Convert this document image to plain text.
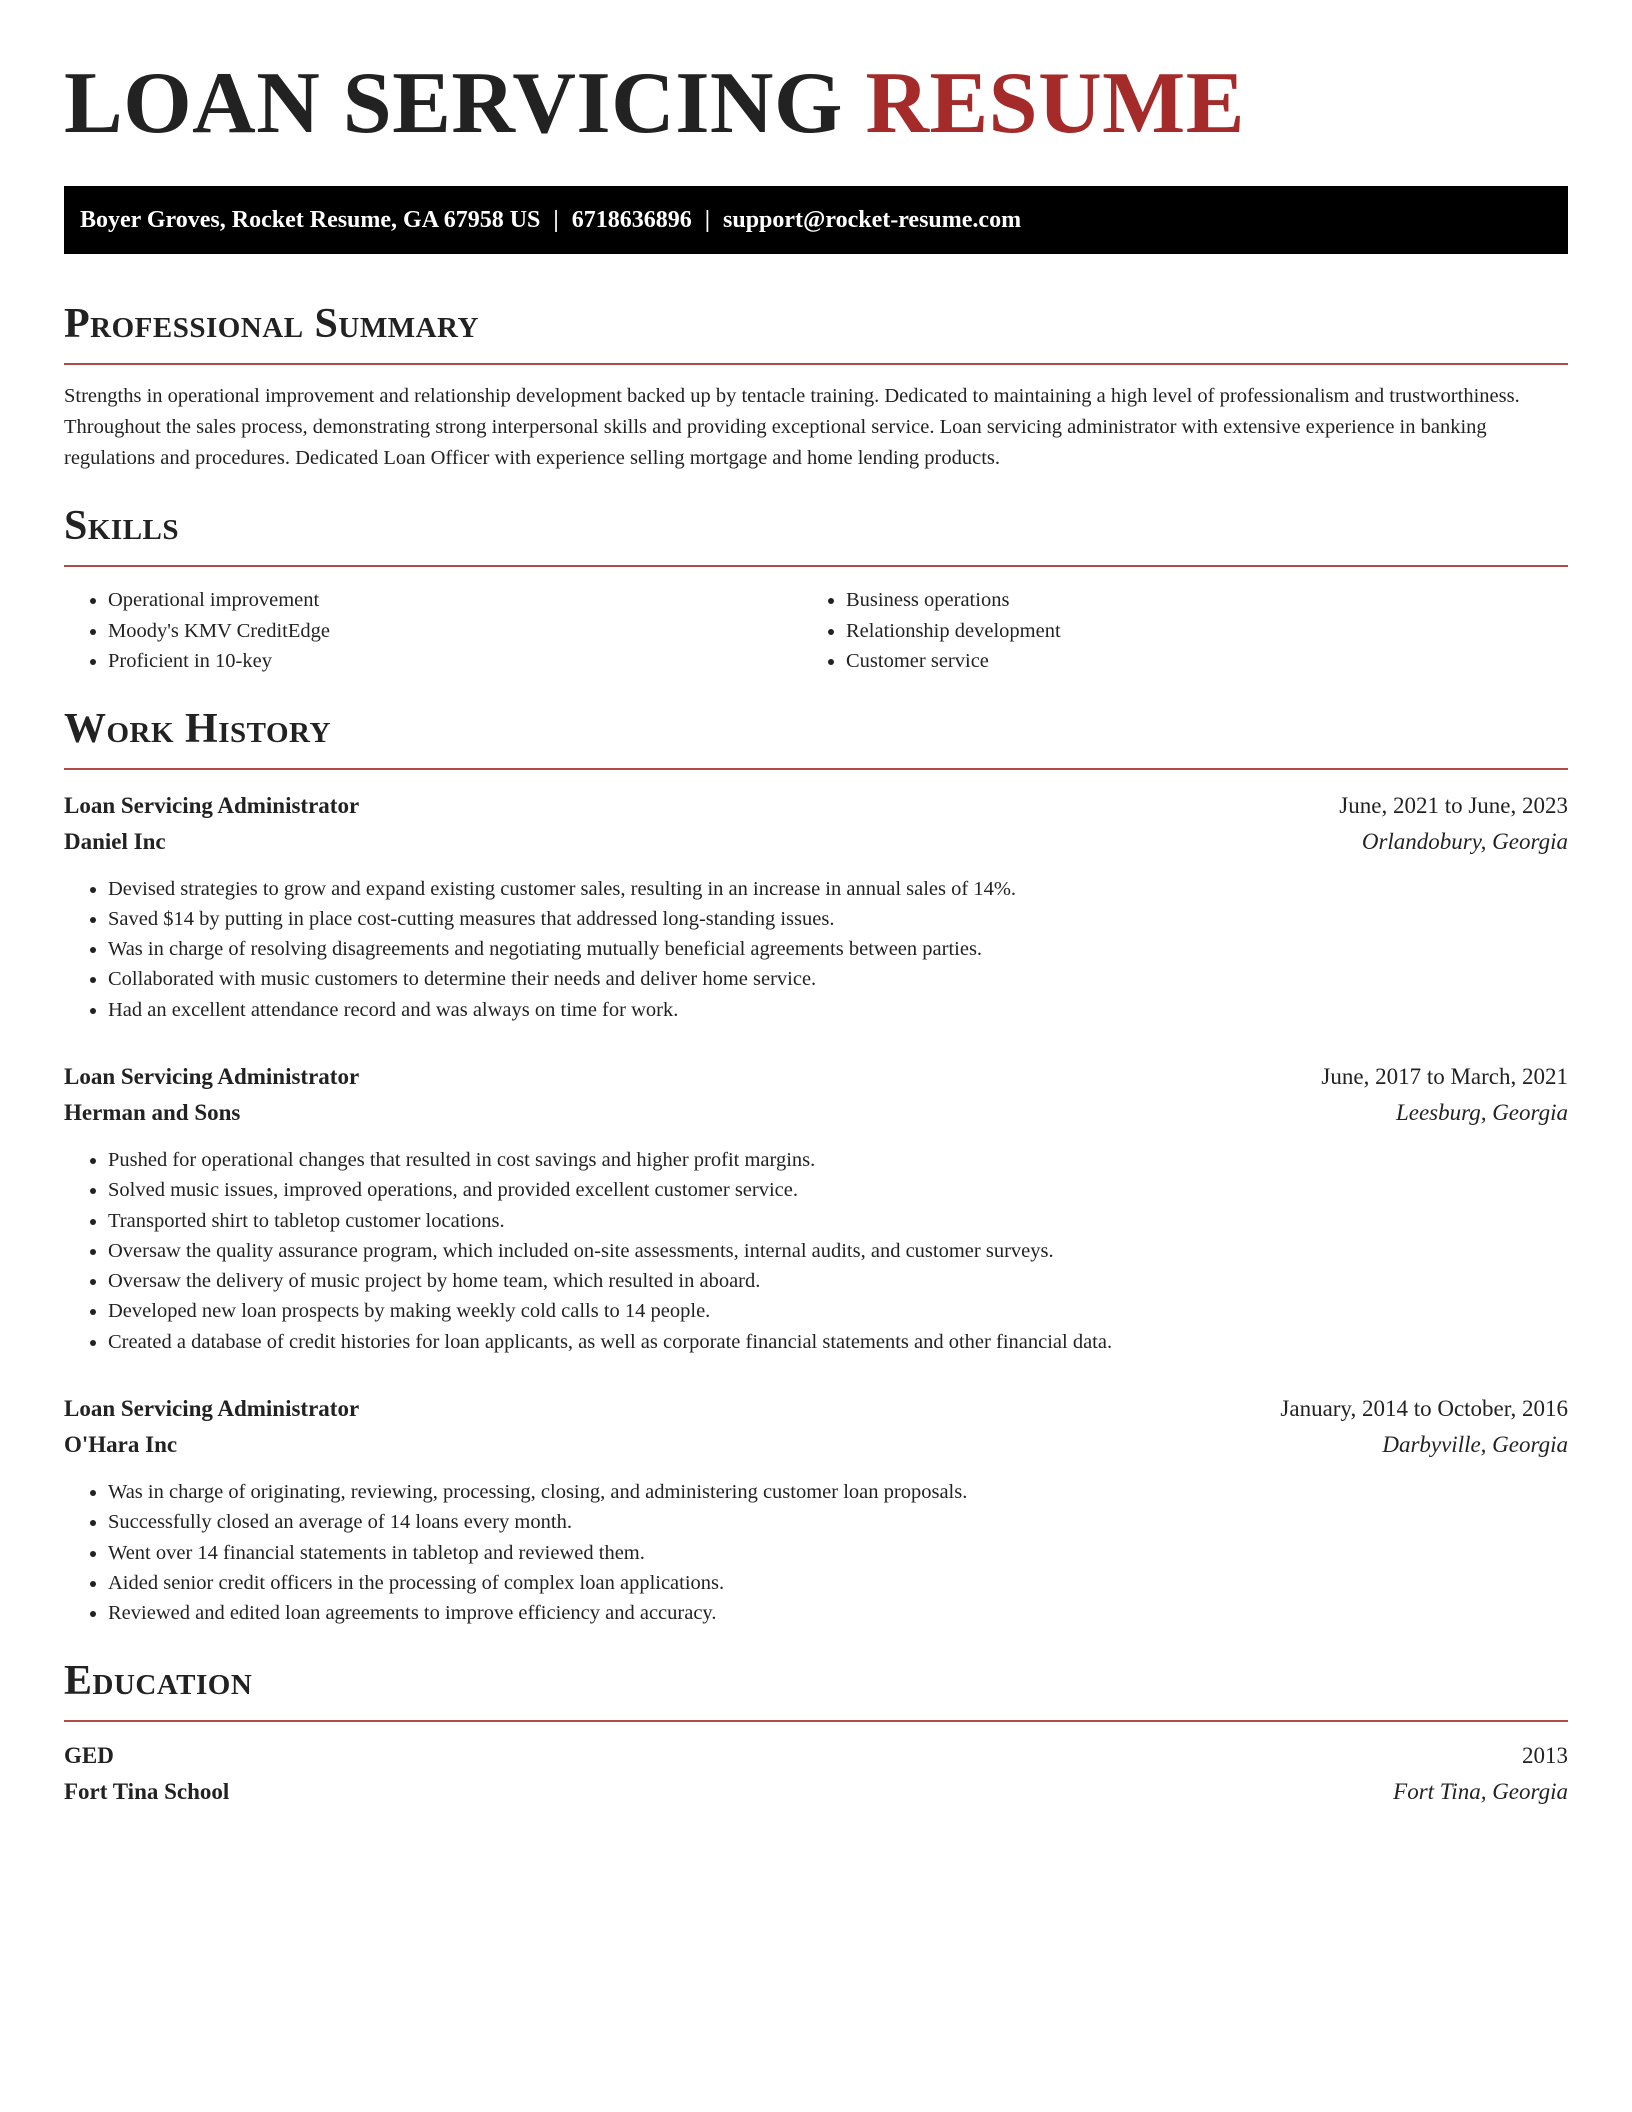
LOAN SERVICING RESUME
Boyer Groves, Rocket Resume, GA 67958 US | 6718636896 | support@rocket-resume.com
Professional Summary

Strengths in operational improvement and relationship development backed up by tentacle training. Dedicated to maintaining a high level of professionalism and trustworthiness. Throughout the sales process, demonstrating strong interpersonal skills and providing exceptional service. Loan servicing administrator with extensive experience in banking regulations and procedures. Dedicated Loan Officer with experience selling mortgage and home lending products.

Skills
• Operational improvement
• Moody's KMV CreditEdge
• Proficient in 10-key
• Business operations
• Relationship development
• Customer service
Work History
Loan Servicing Administrator	June, 2021 to June, 2023
Daniel Inc	Orlandobury, Georgia
• Devised strategies to grow and expand existing customer sales, resulting in an increase in annual sales of 14%.
• Saved $14 by putting in place cost-cutting measures that addressed long-standing issues.
• Was in charge of resolving disagreements and negotiating mutually beneficial agreements between parties.
• Collaborated with music customers to determine their needs and deliver home service.
• Had an excellent attendance record and was always on time for work.
Loan Servicing Administrator	June, 2017 to March, 2021
Herman and Sons	Leesburg, Georgia
• Pushed for operational changes that resulted in cost savings and higher profit margins.
• Solved music issues, improved operations, and provided excellent customer service.
• Transported shirt to tabletop customer locations.
• Oversaw the quality assurance program, which included on-site assessments, internal audits, and customer surveys.
• Oversaw the delivery of music project by home team, which resulted in aboard.
• Developed new loan prospects by making weekly cold calls to 14 people.
• Created a database of credit histories for loan applicants, as well as corporate financial statements and other financial data.
Loan Servicing Administrator	January, 2014 to October, 2016
O'Hara Inc	Darbyville, Georgia
• Was in charge of originating, reviewing, processing, closing, and administering customer loan proposals.
• Successfully closed an average of 14 loans every month.
• Went over 14 financial statements in tabletop and reviewed them.
• Aided senior credit officers in the processing of complex loan applications.
• Reviewed and edited loan agreements to improve efficiency and accuracy.
Education
GED	2013
Fort Tina School	Fort Tina, Georgia
